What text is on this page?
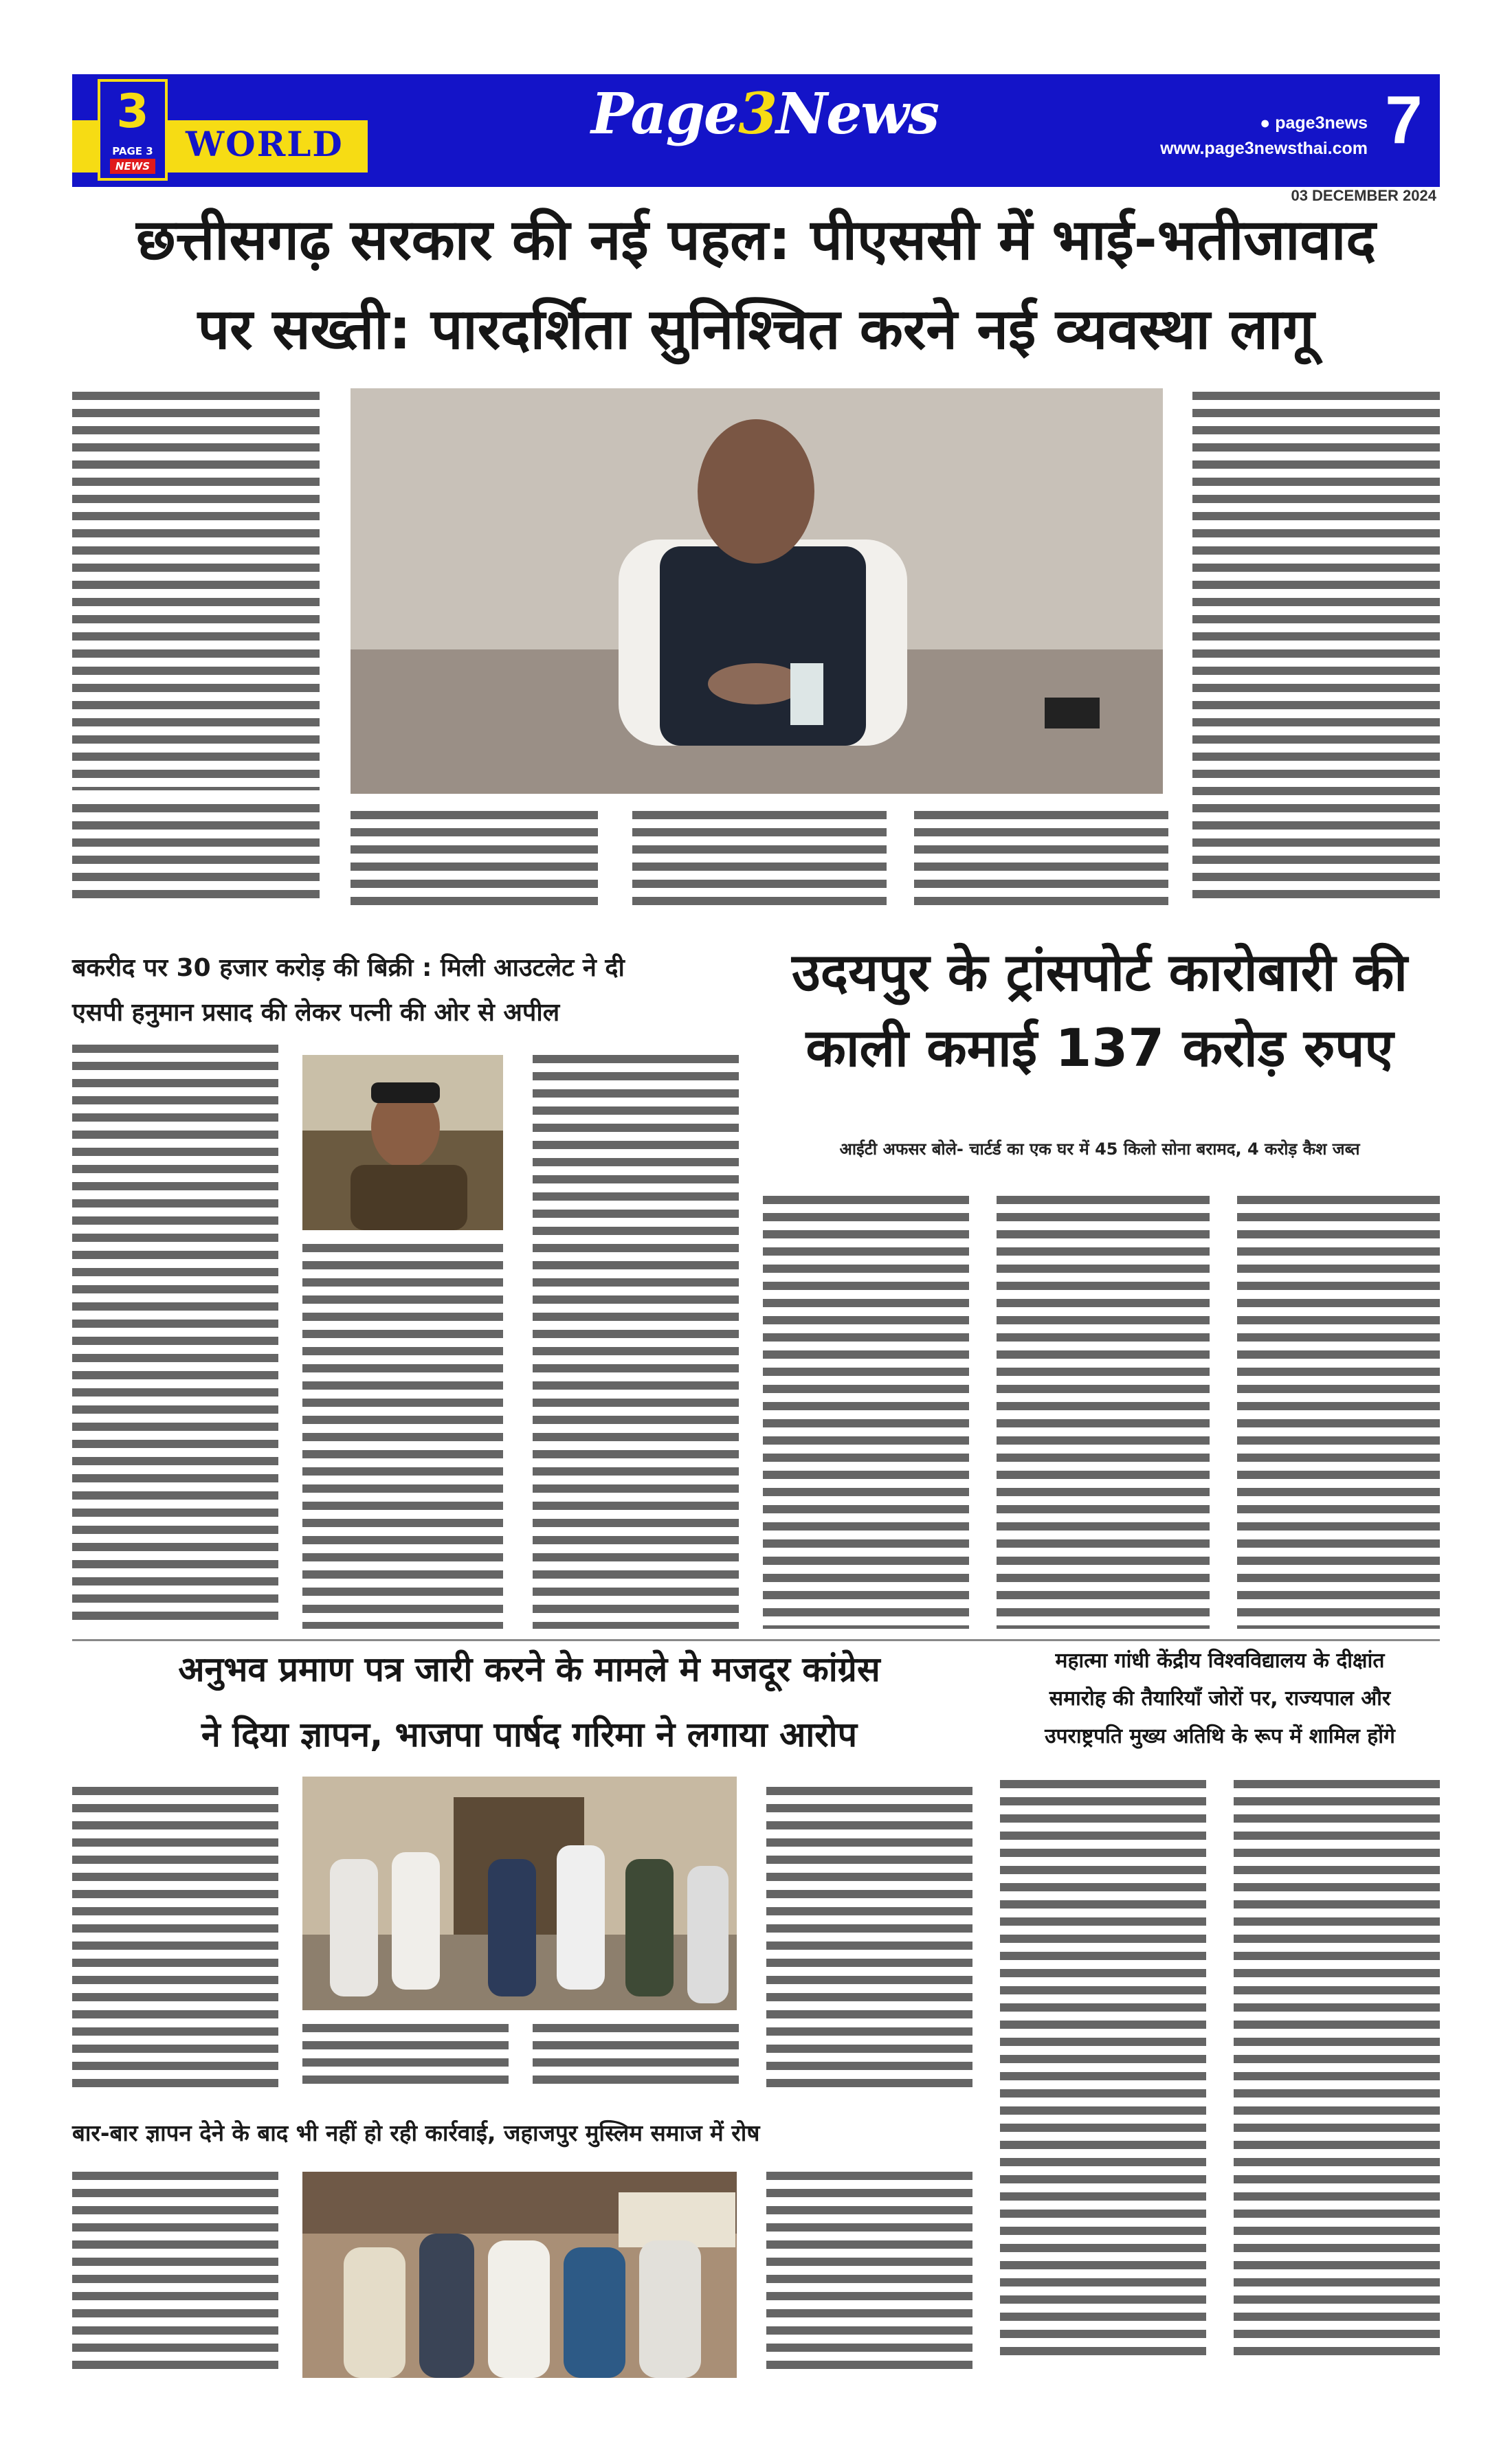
3
PAGE 3
NEWS
WORLD	Page3News	● page3news
www.page3newsthai.com 7
03 DECEMBER 2024
छत्तीसगढ़ सरकार की नई पहल: पीएससी में भाई-भतीजावाद
पर सख्ती: पारदर्शिता सुनिश्चित करने नई व्यवस्था लागू
बकरीद पर 30 हजार करोड़ की बिक्री : मिली आउटलेट ने दी
एसपी हनुमान प्रसाद की लेकर पत्नी की ओर से अपील
उदयपुर के ट्रांसपोर्ट कारोबारी की
काली कमाई 137 करोड़ रुपए
आईटी अफसर बोले- चार्टर्ड का एक घर में 45 किलो सोना बरामद, 4 करोड़ कैश जब्त
अनुभव प्रमाण पत्र जारी करने के मामले मे मजदूर कांग्रेस
ने दिया ज्ञापन, भाजपा पार्षद गरिमा ने लगाया आरोप
महात्मा गांधी केंद्रीय विश्वविद्यालय के दीक्षांत
समारोह की तैयारियाँ जोरों पर, राज्यपाल और
उपराष्ट्रपति मुख्य अतिथि के रूप में शामिल होंगे
बार-बार ज्ञापन देने के बाद भी नहीं हो रही कार्रवाई, जहाजपुर मुस्लिम समाज में रोष
